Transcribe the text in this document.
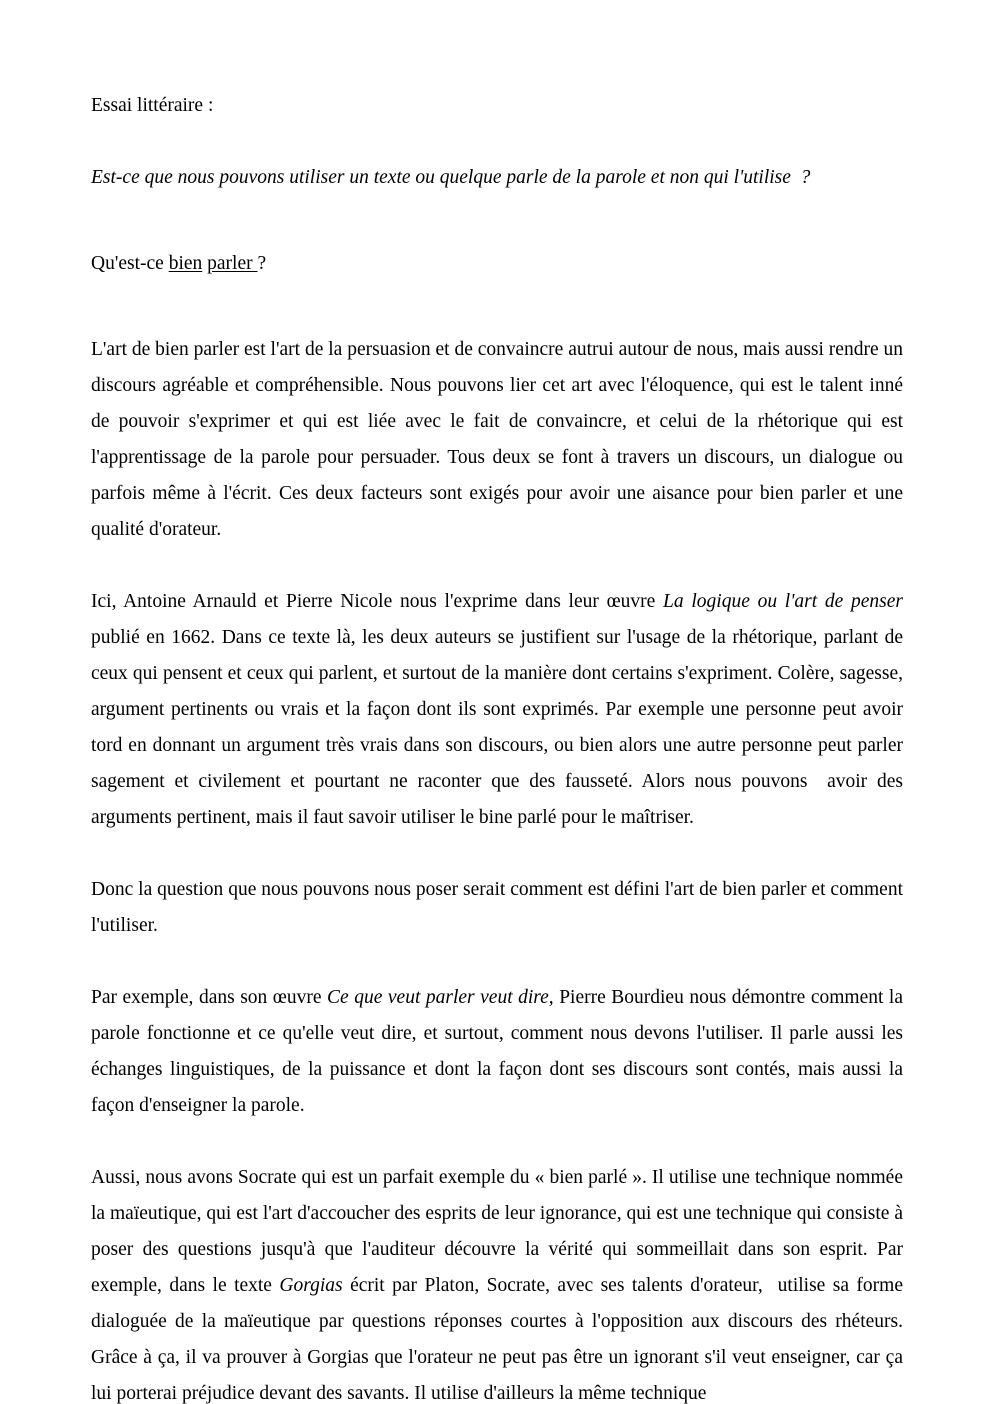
Essai littéraire :

Est-ce que nous pouvons utiliser un texte ou quelque parle de la parole et non qui l'utilise  ?

Qu'est-ce bien parler ?

L'art de bien parler est l'art de la persuasion et de convaincre autrui autour de nous, mais aussi rendre un discours agréable et compréhensible. Nous pouvons lier cet art avec l'éloquence, qui est le talent inné de pouvoir s'exprimer et qui est liée avec le fait de convaincre, et celui de la rhétorique qui est l'apprentissage de la parole pour persuader. Tous deux se font à travers un discours, un dialogue ou parfois même à l'écrit. Ces deux facteurs sont exigés pour avoir une aisance pour bien parler et une qualité d'orateur.

Ici, Antoine Arnauld et Pierre Nicole nous l'exprime dans leur œuvre La logique ou l'art de penser publié en 1662. Dans ce texte là, les deux auteurs se justifient sur l'usage de la rhétorique, parlant de ceux qui pensent et ceux qui parlent, et surtout de la manière dont certains s'expriment. Colère, sagesse, argument pertinents ou vrais et la façon dont ils sont exprimés. Par exemple une personne peut avoir tord en donnant un argument très vrais dans son discours, ou bien alors une autre personne peut parler sagement et civilement et pourtant ne raconter que des fausseté. Alors nous pouvons  avoir des arguments pertinent, mais il faut savoir utiliser le bine parlé pour le maîtriser.

Donc la question que nous pouvons nous poser serait comment est défini l'art de bien parler et comment l'utiliser.

Par exemple, dans son œuvre Ce que veut parler veut dire, Pierre Bourdieu nous démontre comment la parole fonctionne et ce qu'elle veut dire, et surtout, comment nous devons l'utiliser. Il parle aussi les échanges linguistiques, de la puissance et dont la façon dont ses discours sont contés, mais aussi la façon d'enseigner la parole.

Aussi, nous avons Socrate qui est un parfait exemple du « bien parlé ». Il utilise une technique nommée la maïeutique, qui est l'art d'accoucher des esprits de leur ignorance, qui est une technique qui consiste à poser des questions jusqu'à que l'auditeur découvre la vérité qui sommeillait dans son esprit. Par exemple, dans le texte Gorgias écrit par Platon, Socrate, avec ses talents d'orateur,  utilise sa forme dialoguée de la maïeutique par questions réponses courtes à l'opposition aux discours des rhéteurs. Grâce à ça, il va prouver à Gorgias que l'orateur ne peut pas être un ignorant s'il veut enseigner, car ça lui porterai préjudice devant des savants. Il utilise d'ailleurs la même technique
